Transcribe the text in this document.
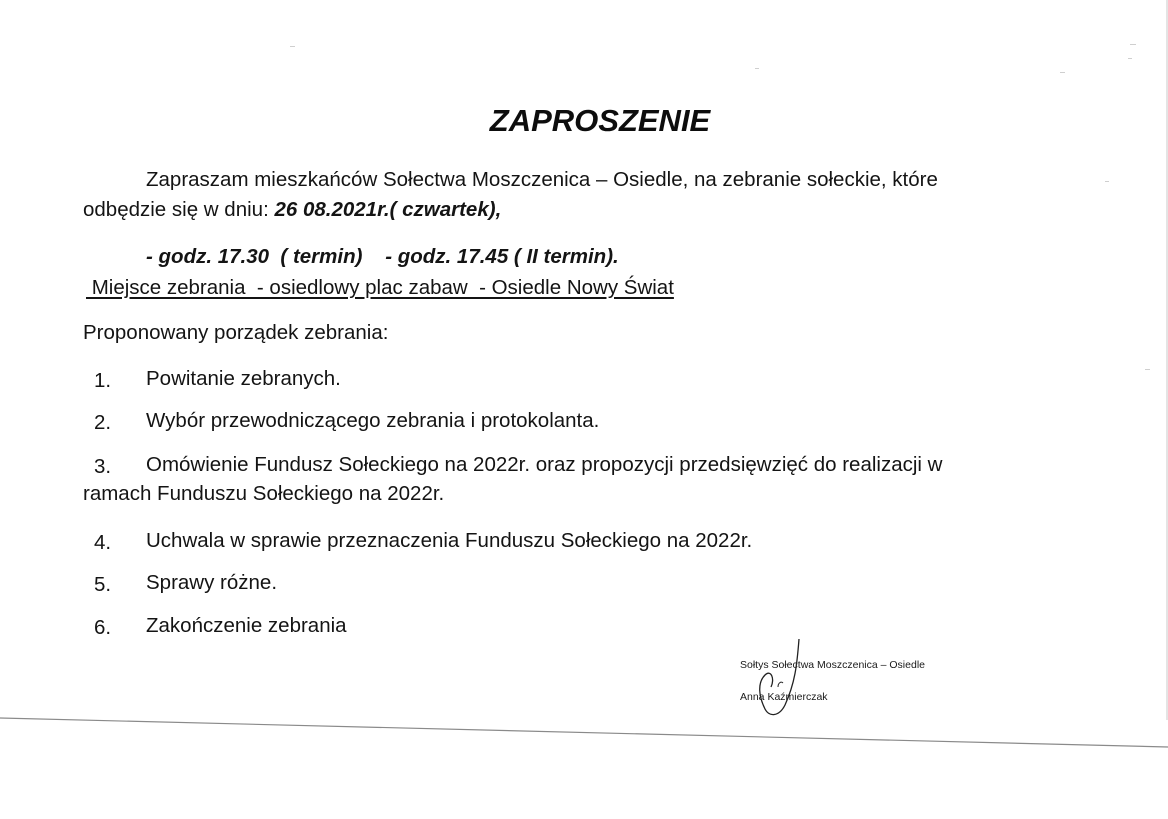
ZAPROSZENIE
Zapraszam mieszkańców Sołectwa Moszczenica – Osiedle, na zebranie sołeckie, które
odbędzie się w dniu: 26 08.2021r.( czwartek),
- godz. 17.30  ( termin)    - godz. 17.45 ( II termin).
Miejsce zebrania  - osiedlowy plac zabaw  - Osiedle Nowy Świat
Proponowany porządek zebrania:
1. Powitanie zebranych.
2. Wybór przewodniczącego zebrania i protokolanta.
3. Omówienie Fundusz Sołeckiego na 2022r. oraz propozycji przedsięwzięć do realizacji w
ramach Funduszu Sołeckiego na 2022r.
4. Uchwala w sprawie przeznaczenia Funduszu Sołeckiego na 2022r.
5. Sprawy różne.
6. Zakończenie zebrania
Sołtys Sołectwa Moszczenica – Osiedle
Anna Kaźmierczak
